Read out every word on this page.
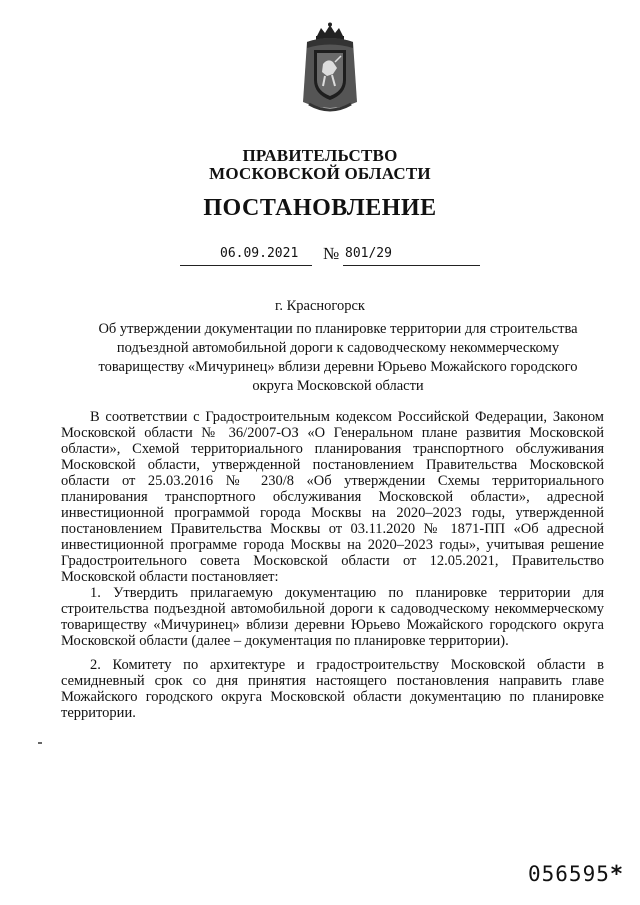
ПРАВИТЕЛЬСТВО
МОСКОВСКОЙ ОБЛАСТИ
ПОСТАНОВЛЕНИЕ
06.09.2021 № 801/29
г. Красногорск
Об утверждении документации по планировке территории для строительства подъездной автомобильной дороги к садоводческому некоммерческому товариществу «Мичуринец» вблизи деревни Юрьево Можайского городского округа Московской области

В соответствии с Градостроительным кодексом Российской Федерации, Законом Московской области № 36/2007-ОЗ «О Генеральном плане развития Московской области», Схемой территориального планирования транспортного обслуживания Московской области, утвержденной постановлением Правительства Московской области от 25.03.2016 № 230/8 «Об утверждении Схемы территориального планирования транспортного обслуживания Московской области», адресной инвестиционной программой города Москвы на 2020–2023 годы, утвержденной постановлением Правительства Москвы от 03.11.2020 № 1871-ПП «Об адресной инвестиционной программе города Москвы на 2020–2023 годы», учитывая решение Градостроительного совета Московской области от 12.05.2021, Правительство Московской области постановляет:

1. Утвердить прилагаемую документацию по планировке территории для строительства подъездной автомобильной дороги к садоводческому некоммерческому товариществу «Мичуринец» вблизи деревни Юрьево Можайского городского округа Московской области (далее – документация по планировке территории).

2. Комитету по архитектуре и градостроительству Московской области в семидневный срок со дня принятия настоящего постановления направить главе Можайского городского округа Московской области документацию по планировке территории.

056595*
